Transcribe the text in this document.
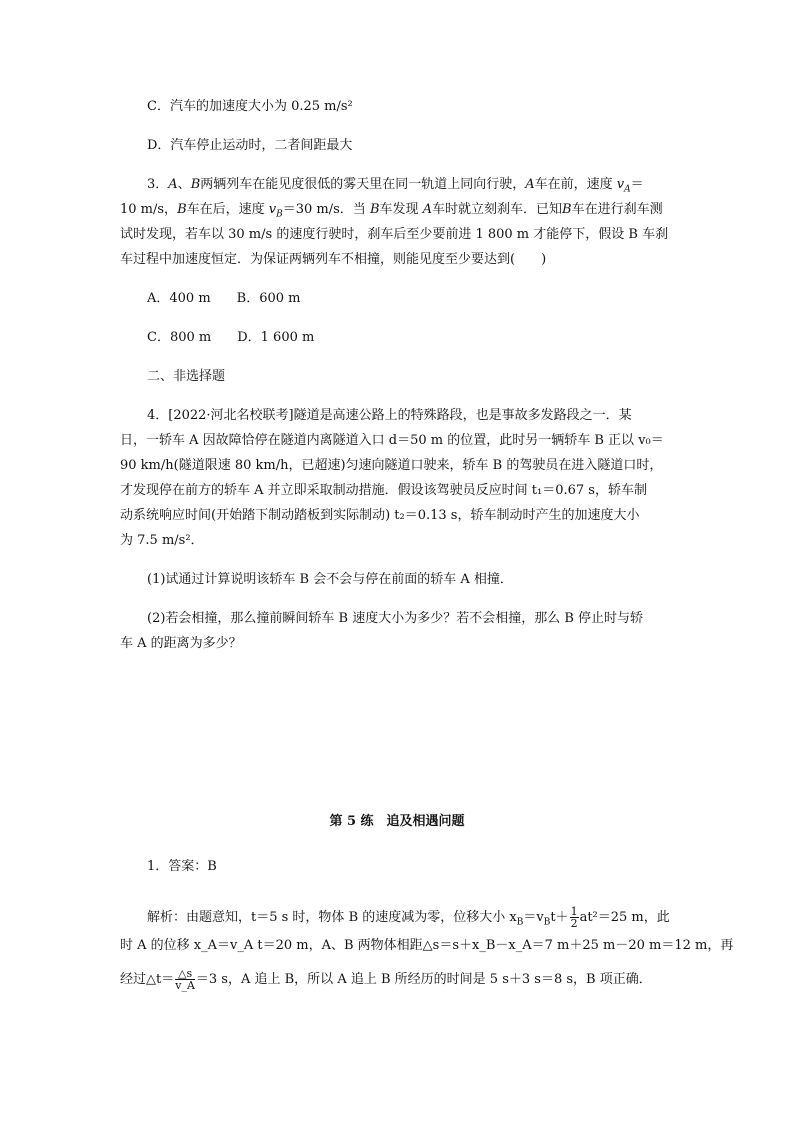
C．汽车的加速度大小为 0.25 m/s²
D．汽车停止运动时，二者间距最大
3．A、B两辆列车在能见度很低的雾天里在同一轨道上同向行驶，A车在前，速度 $v_A=$
10 m/s，B车在后，速度 $v_B=30$ m/s．当 B车发现 A车时就立刻刹车．已知B车在进行刹车测
试时发现，若车以 30 m/s 的速度行驶时，刹车后至少要前进 1 800 m 才能停下，假设 B 车刹
车过程中加速度恒定．为保证两辆列车不相撞，则能见度至少要达到(　　)
A．400 m　　B．600 m
C．800 m　　D．1 600 m
二、非选择题
4．[2022·河北名校联考]隧道是高速公路上的特殊路段，也是事故多发路段之一．某
日，一轿车 A 因故障恰停在隧道内离隧道入口 d＝50 m 的位置，此时另一辆轿车 B 正以 v₀＝
90 km/h(隧道限速 80 km/h，已超速)匀速向隧道口驶来，轿车 B 的驾驶员在进入隧道口时，
才发现停在前方的轿车 A 并立即采取制动措施．假设该驾驶员反应时间 t₁＝0.67 s，轿车制
动系统响应时间(开始踏下制动踏板到实际制动) t₂＝0.13 s，轿车制动时产生的加速度大小
为 7.5 m/s²．
(1)试通过计算说明该轿车 B 会不会与停在前面的轿车 A 相撞．
(2)若会相撞，那么撞前瞬间轿车 B 速度大小为多少？若不会相撞，那么 B 停止时与轿
车 A 的距离为多少？
第 5 练　追及相遇问题
1．答案：B
解析：由题意知，t＝5 s 时，物体 B 的速度减为零，位移大小 $x_B=v_Bt+ \frac{1}{2} at^2=25$ m，此
时 A 的位移 x_A＝v_A t＝20 m，A、B 两物体相距△s＝s＋x_B－x_A＝7 m＋25 m－20 m＝12 m，再
经过△t＝ $\frac{\triangle s}{v\_A} =3$ s，A 追上 B，所以 A 追上 B 所经历的时间是 5 s＋3 s＝8 s，B 项正确．
